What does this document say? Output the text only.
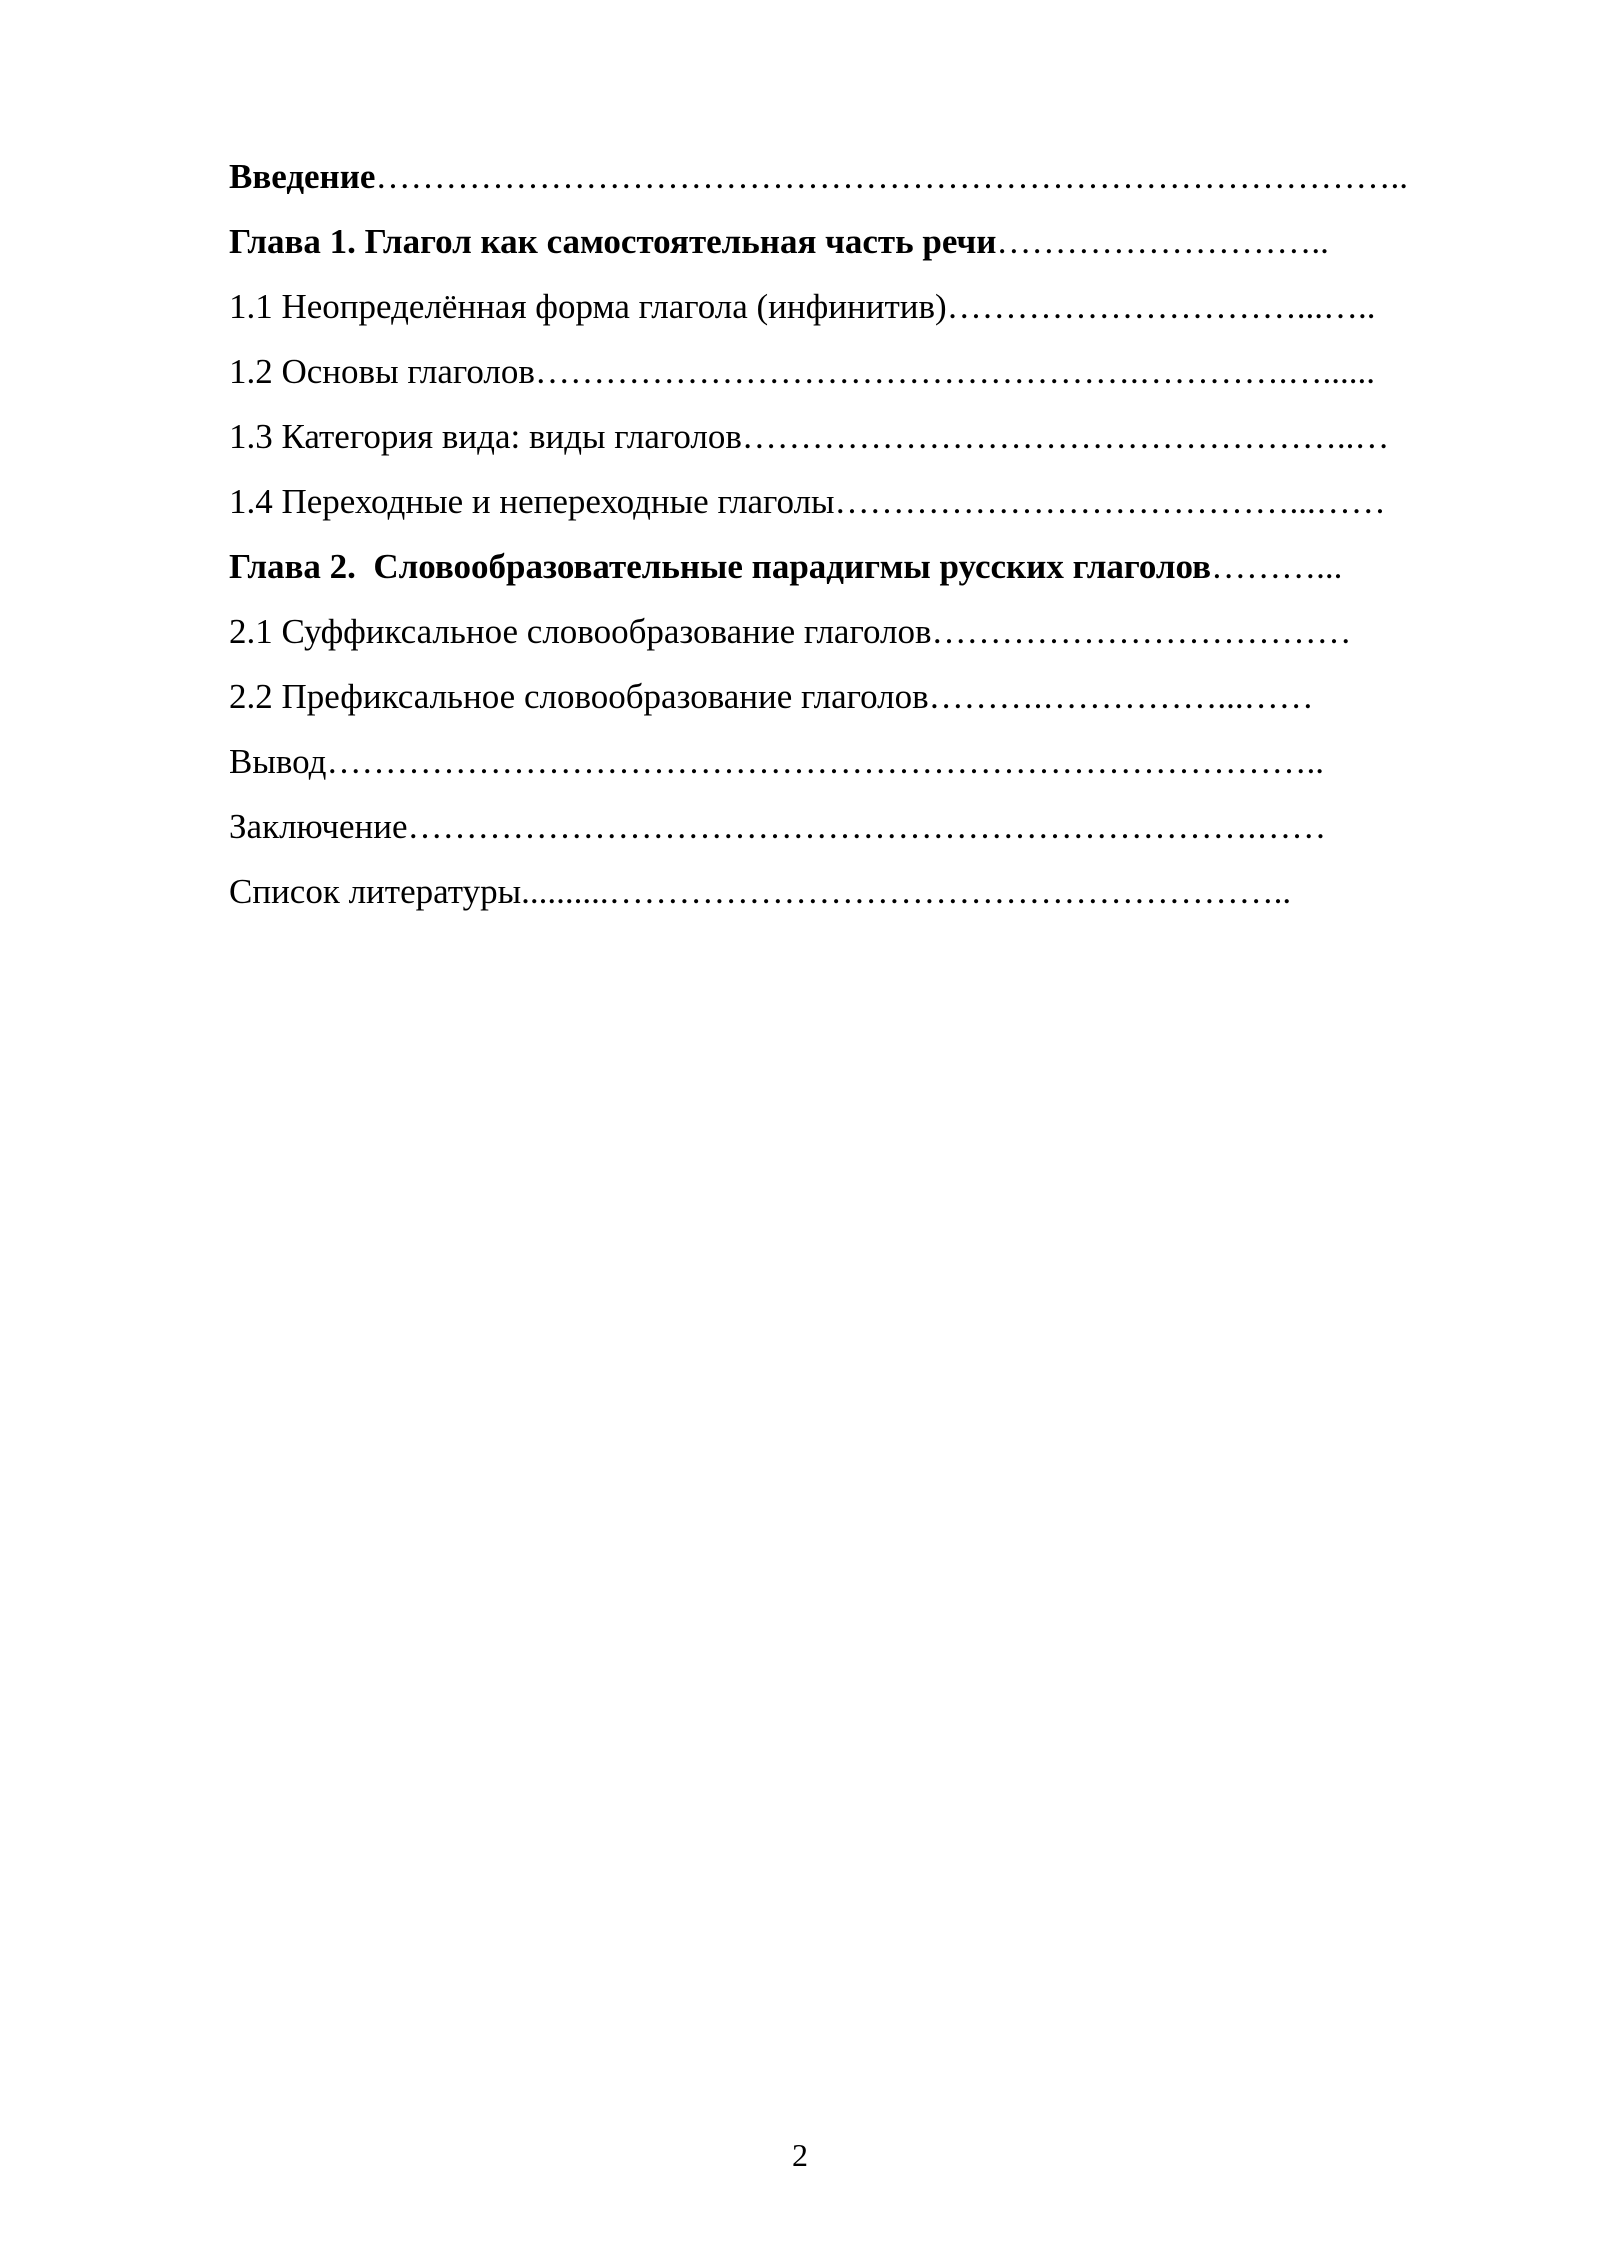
Введение……………………………………………………………………………..
Глава 1. Глагол как самостоятельная часть речи………………………..
1.1 Неопределённая форма глагола (инфинитив)…………………………...…..
1.2 Основы глаголов…………………………………………….………….…......
1.3 Категория вида: виды глаголов……………………………………………..…
1.4 Переходные и непереходные глаголы…………………………………...……
Глава 2.  Словообразовательные парадигмы русских глаголов………...
2.1 Суффиксальное словообразование глаголов………………………………
2.2 Префиксальное словообразование глаголов……….……………...……
Вывод…………………………………………………………………………..
Заключение……………………………………………………………….……
Список литературы..........…………………………………………………..
2
